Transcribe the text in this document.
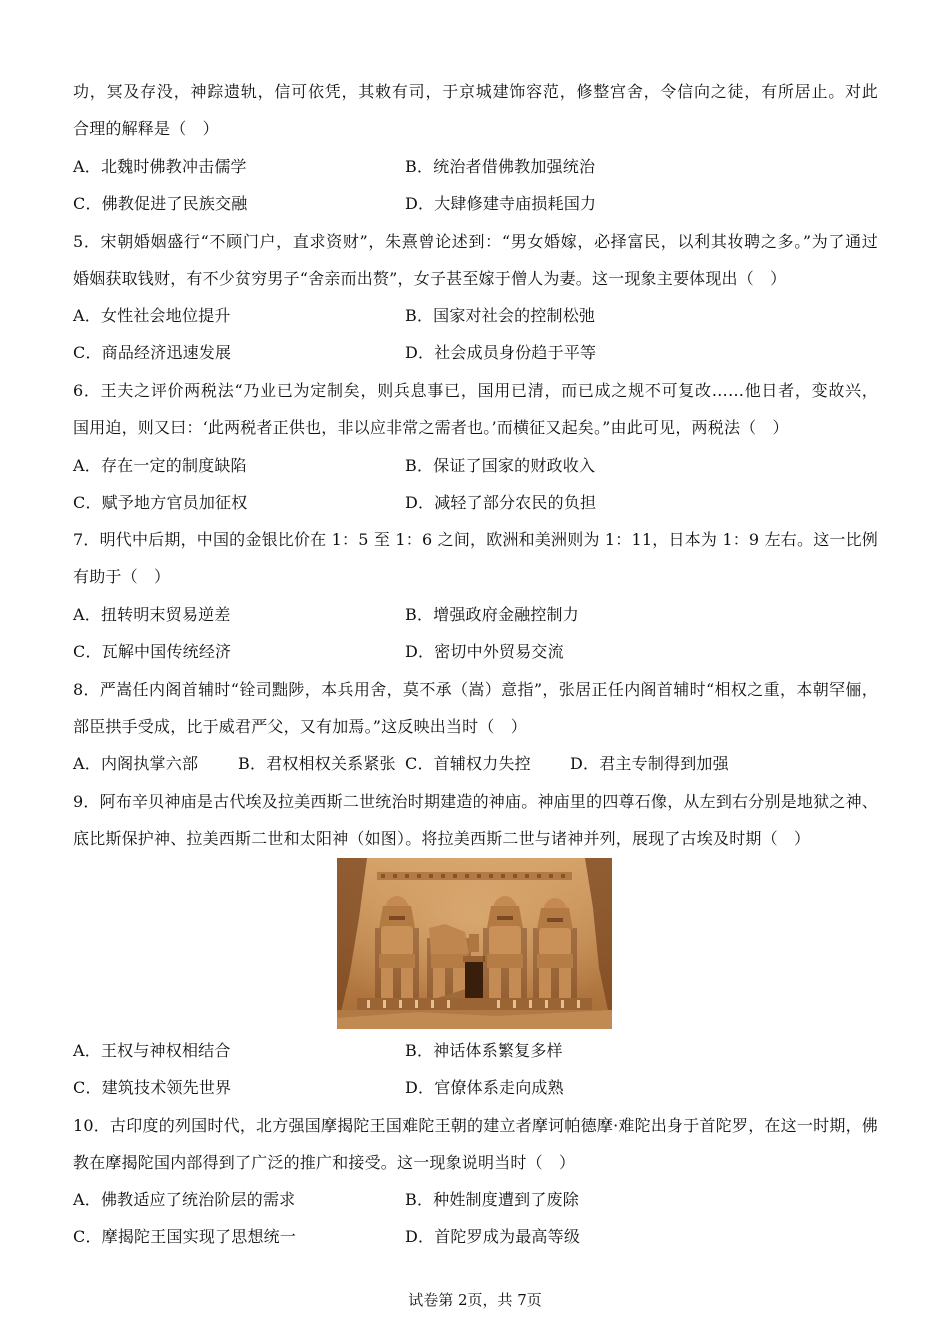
功，冥及存没，神踪遗轨，信可依凭，其敕有司，于京城建饰容范，修整宫舍，令信向之徒，有所居止。对此
合理的解释是（　）
A．北魏时佛教冲击儒学	B．统治者借佛教加强统治
C．佛教促进了民族交融	D．大肆修建寺庙损耗国力
5．宋朝婚姻盛行“不顾门户，直求资财”，朱熹曾论述到：“男女婚嫁，必择富民，以利其妆聘之多。”为了通过
婚姻获取钱财，有不少贫穷男子“舍亲而出赘”，女子甚至嫁于僧人为妻。这一现象主要体现出（　）
A．女性社会地位提升	B．国家对社会的控制松弛
C．商品经济迅速发展	D．社会成员身份趋于平等
6．王夫之评价两税法“乃业已为定制矣，则兵息事已，国用已清，而已成之规不可复改……他日者，变故兴，
国用迫，则又曰：‘此两税者正供也，非以应非常之需者也。’而横征又起矣。”由此可见，两税法（　）
A．存在一定的制度缺陷	B．保证了国家的财政收入
C．赋予地方官员加征权	D．减轻了部分农民的负担
7．明代中后期，中国的金银比价在 1：5 至 1：6 之间，欧洲和美洲则为 1：11，日本为 1：9 左右。这一比例
有助于（　）
A．扭转明末贸易逆差	B．增强政府金融控制力
C．瓦解中国传统经济	D．密切中外贸易交流
8．严嵩任内阁首辅时“铨司黜陟，本兵用舍，莫不承（嵩）意指”，张居正任内阁首辅时“相权之重，本朝罕俪，
部臣拱手受成，比于威君严父，又有加焉。”这反映出当时（　）
A．内阁执掌六部 B．君权相权关系紧张 C．首辅权力失控 D．君主专制得到加强
9．阿布辛贝神庙是古代埃及拉美西斯二世统治时期建造的神庙。神庙里的四尊石像，从左到右分别是地狱之神、
底比斯保护神、拉美西斯二世和太阳神（如图）。将拉美西斯二世与诸神并列，展现了古埃及时期（　）
A．王权与神权相结合	B．神话体系繁复多样
C．建筑技术领先世界	D．官僚体系走向成熟
10．古印度的列国时代，北方强国摩揭陀王国难陀王朝的建立者摩诃帕德摩·难陀出身于首陀罗，在这一时期，佛
教在摩揭陀国内部得到了广泛的推广和接受。这一现象说明当时（　）
A．佛教适应了统治阶层的需求	B．种姓制度遭到了废除
C．摩揭陀王国实现了思想统一	D．首陀罗成为最高等级
试卷第 2页，共 7页
